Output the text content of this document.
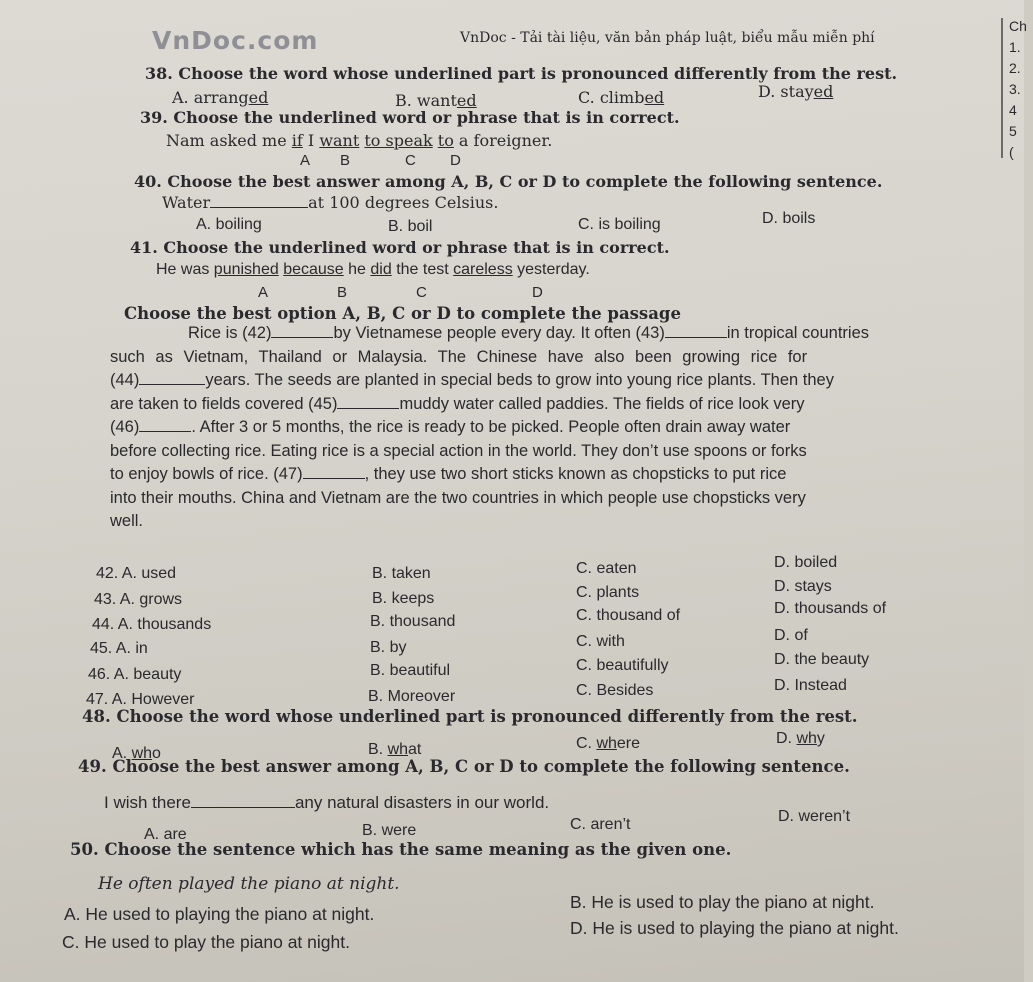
VnDoc.com	VnDoc - Tải tài liệu, văn bản pháp luật, biểu mẫu miễn phí
Ch
1.
2.
3.
4
5
(
38. Choose the word whose underlined part is pronounced differently from the rest.
A. arranged	B. wanted	C. climbed	D. stayed
39. Choose the underlined word or phrase that is in correct.
Nam asked me if I want to speak to a foreigner.
A B	C D
40. Choose the best answer among A, B, C or D to complete the following sentence.
Water	at 100 degrees Celsius.
A. boiling	B. boil	C. is boiling	D. boils
41. Choose the underlined word or phrase that is in correct.
He was punished because he did the test careless yesterday.
A	B	C	D
Choose the best option A, B, C or D to complete the passage
Rice is (42)	by Vietnamese people every day. It often (43)	in tropical countries
such as Vietnam, Thailand or Malaysia. The Chinese have also been growing rice for
(44)	years. The seeds are planted in special beds to grow into young rice plants. Then they
are taken to fields covered (45)	muddy water called paddies. The fields of rice look very
(46)	. After 3 or 5 months, the rice is ready to be picked. People often drain away water
before collecting rice. Eating rice is a special action in the world. They don’t use spoons or forks
to enjoy bowls of rice. (47)	, they use two short sticks known as chopsticks to put rice
into their mouths. China and Vietnam are the two countries in which people use chopsticks very
well.
42. A. used	B. taken	C. eaten	D. boiled
43. A. grows	B. keeps	C. plants	D. stays
44. A. thousands	B. thousand	C. thousand of	D. thousands of
45. A. in	B. by	C. with	D. of
46. A. beauty	B. beautiful	C. beautifully	D. the beauty
47. A. However	B. Moreover	C. Besides	D. Instead
48. Choose the word whose underlined part is pronounced differently from the rest.
A. who	B. what	C. where	D. why
49. Choose the best answer among A, B, C or D to complete the following sentence.
I wish there	any natural disasters in our world.
A. are	B. were	C. aren’t	D. weren’t
50. Choose the sentence which has the same meaning as the given one.
He often played the piano at night.
A. He used to playing the piano at night.
B. He is used to play the piano at night.
C. He used to play the piano at night.
D. He is used to playing the piano at night.
